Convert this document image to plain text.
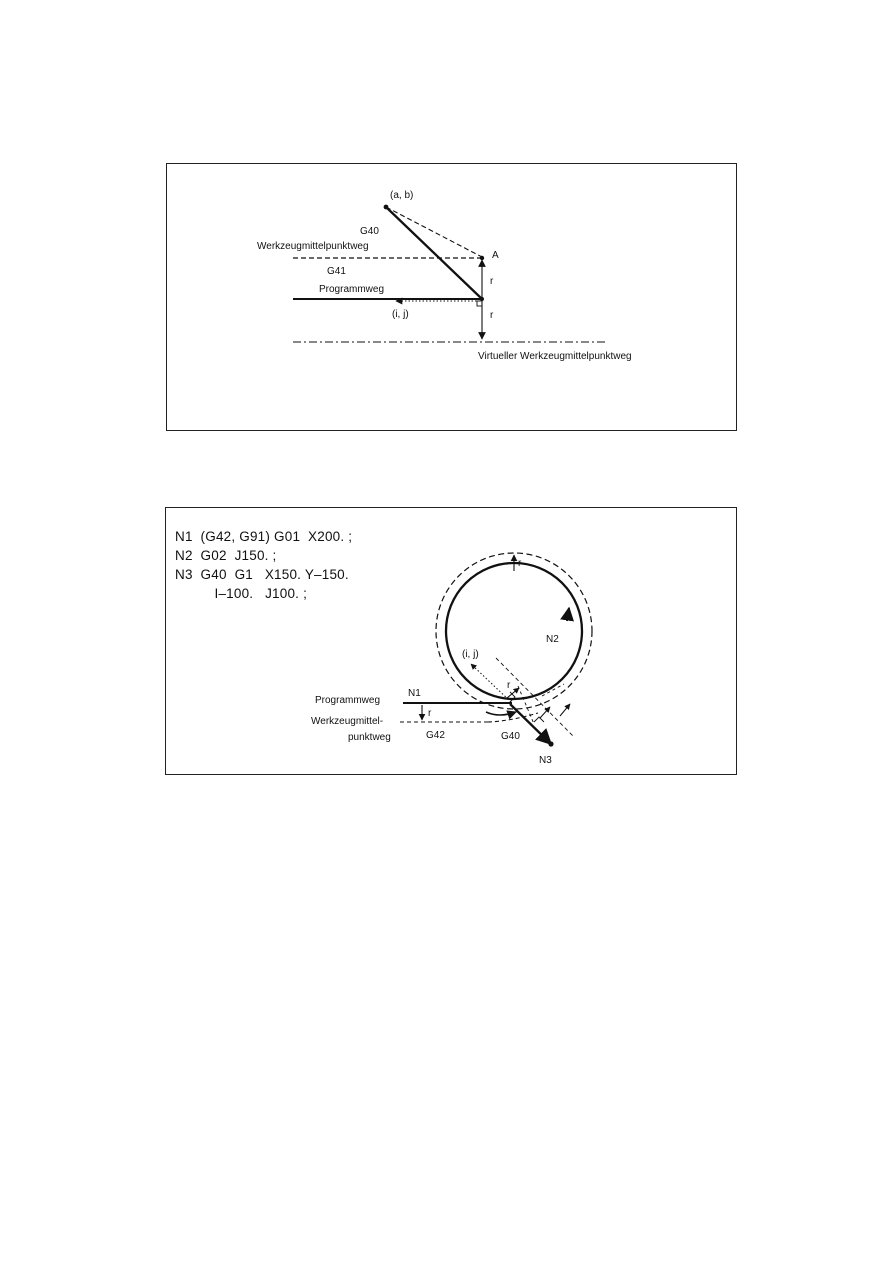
(a, b)
G40
Werkzeugmittelpunktweg
G41
A
Programmweg
(i, j)
r
r
Virtueller Werkzeugmittelpunktweg
N1  (G42, G91) G01  X200. ;
N2  G02  J150. ;
N3  G40  G1   X150. Y–150.
I–100.   J100. ;
r
N2
(i, j)
r
Programmweg
N1
r
Werkzeugmittel-
punktweg	G42	G40
N3
